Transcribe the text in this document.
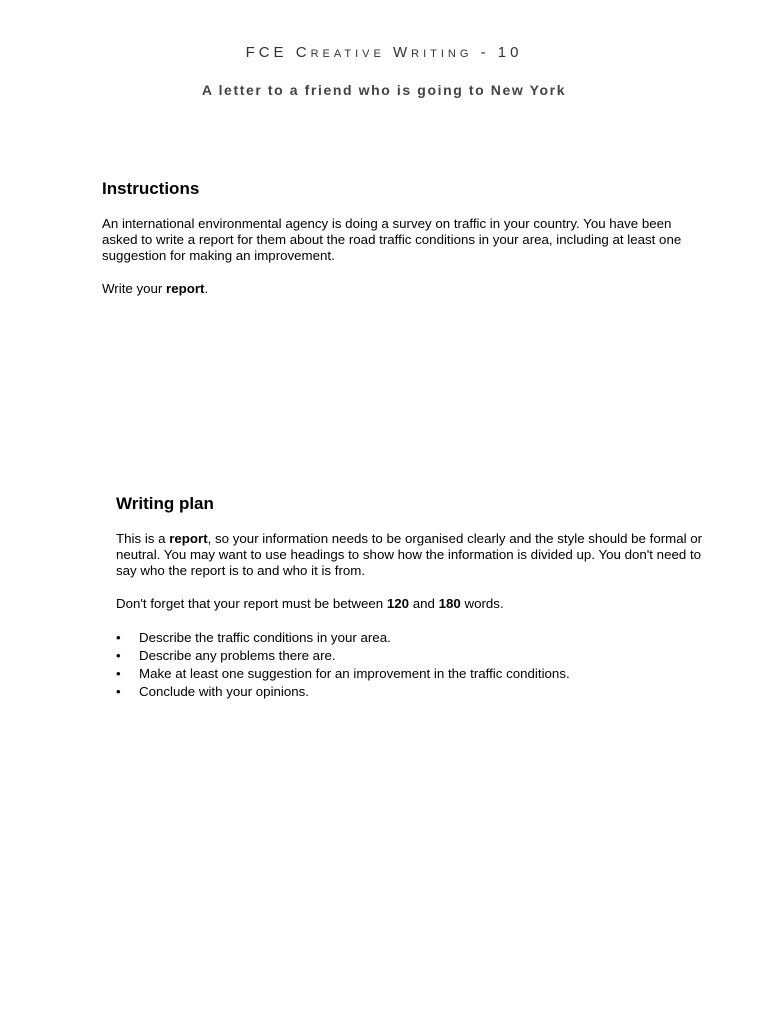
FCE Creative Writing - 10
A letter to a friend who is going to New York
Instructions

An international environmental agency is doing a survey on traffic in your country. You have been asked to write a report for them about the road traffic conditions in your area, including at least one suggestion for making an improvement.

Write your report.

Writing plan

This is a report, so your information needs to be organised clearly and the style should be formal or neutral. You may want to use headings to show how the information is divided up. You don't need to say who the report is to and who it is from.

Don't forget that your report must be between 120 and 180 words.

• Describe the traffic conditions in your area.
• Describe any problems there are.
• Make at least one suggestion for an improvement in the traffic conditions.
• Conclude with your opinions.
